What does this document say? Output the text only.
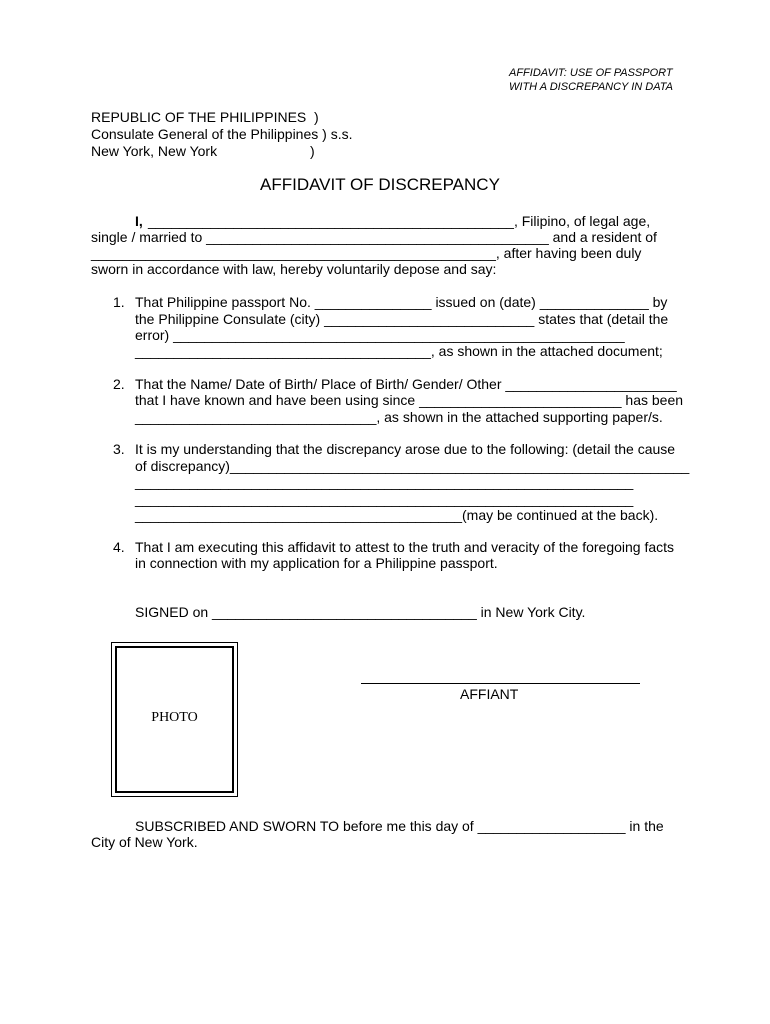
AFFIDAVIT: USE OF PASSPORT
WITH A DISCREPANCY IN DATA
REPUBLIC OF THE PHILIPPINES  )
Consulate General of the Philippines ) s.s.
New York, New York	)
AFFIDAVIT OF DISCREPANCY
I, _______________________________________________, Filipino, of legal age,
single / married to ____________________________________________ and a resident of
____________________________________________________, after having been duly
sworn in accordance with law, hereby voluntarily depose and say:
1. That Philippine passport No. _______________ issued on (date) ______________ by
the Philippine Consulate (city) ___________________________ states that (detail the
error) __________________________________________________________
______________________________________, as shown in the attached document;
2. That the Name/ Date of Birth/ Place of Birth/ Gender/ Other ______________________
that I have known and have been using since __________________________ has been
_______________________________, as shown in the attached supporting paper/s.
3. It is my understanding that the discrepancy arose due to the following: (detail the cause
of discrepancy)___________________________________________________________
________________________________________________________________
________________________________________________________________
__________________________________________(may be continued at the back).
4. That I am executing this affidavit to attest to the truth and veracity of the foregoing facts
in connection with my application for a Philippine passport.
SIGNED on __________________________________ in New York City.
PHOTO
AFFIANT
SUBSCRIBED AND SWORN TO before me this day of ___________________ in the
City of New York.
